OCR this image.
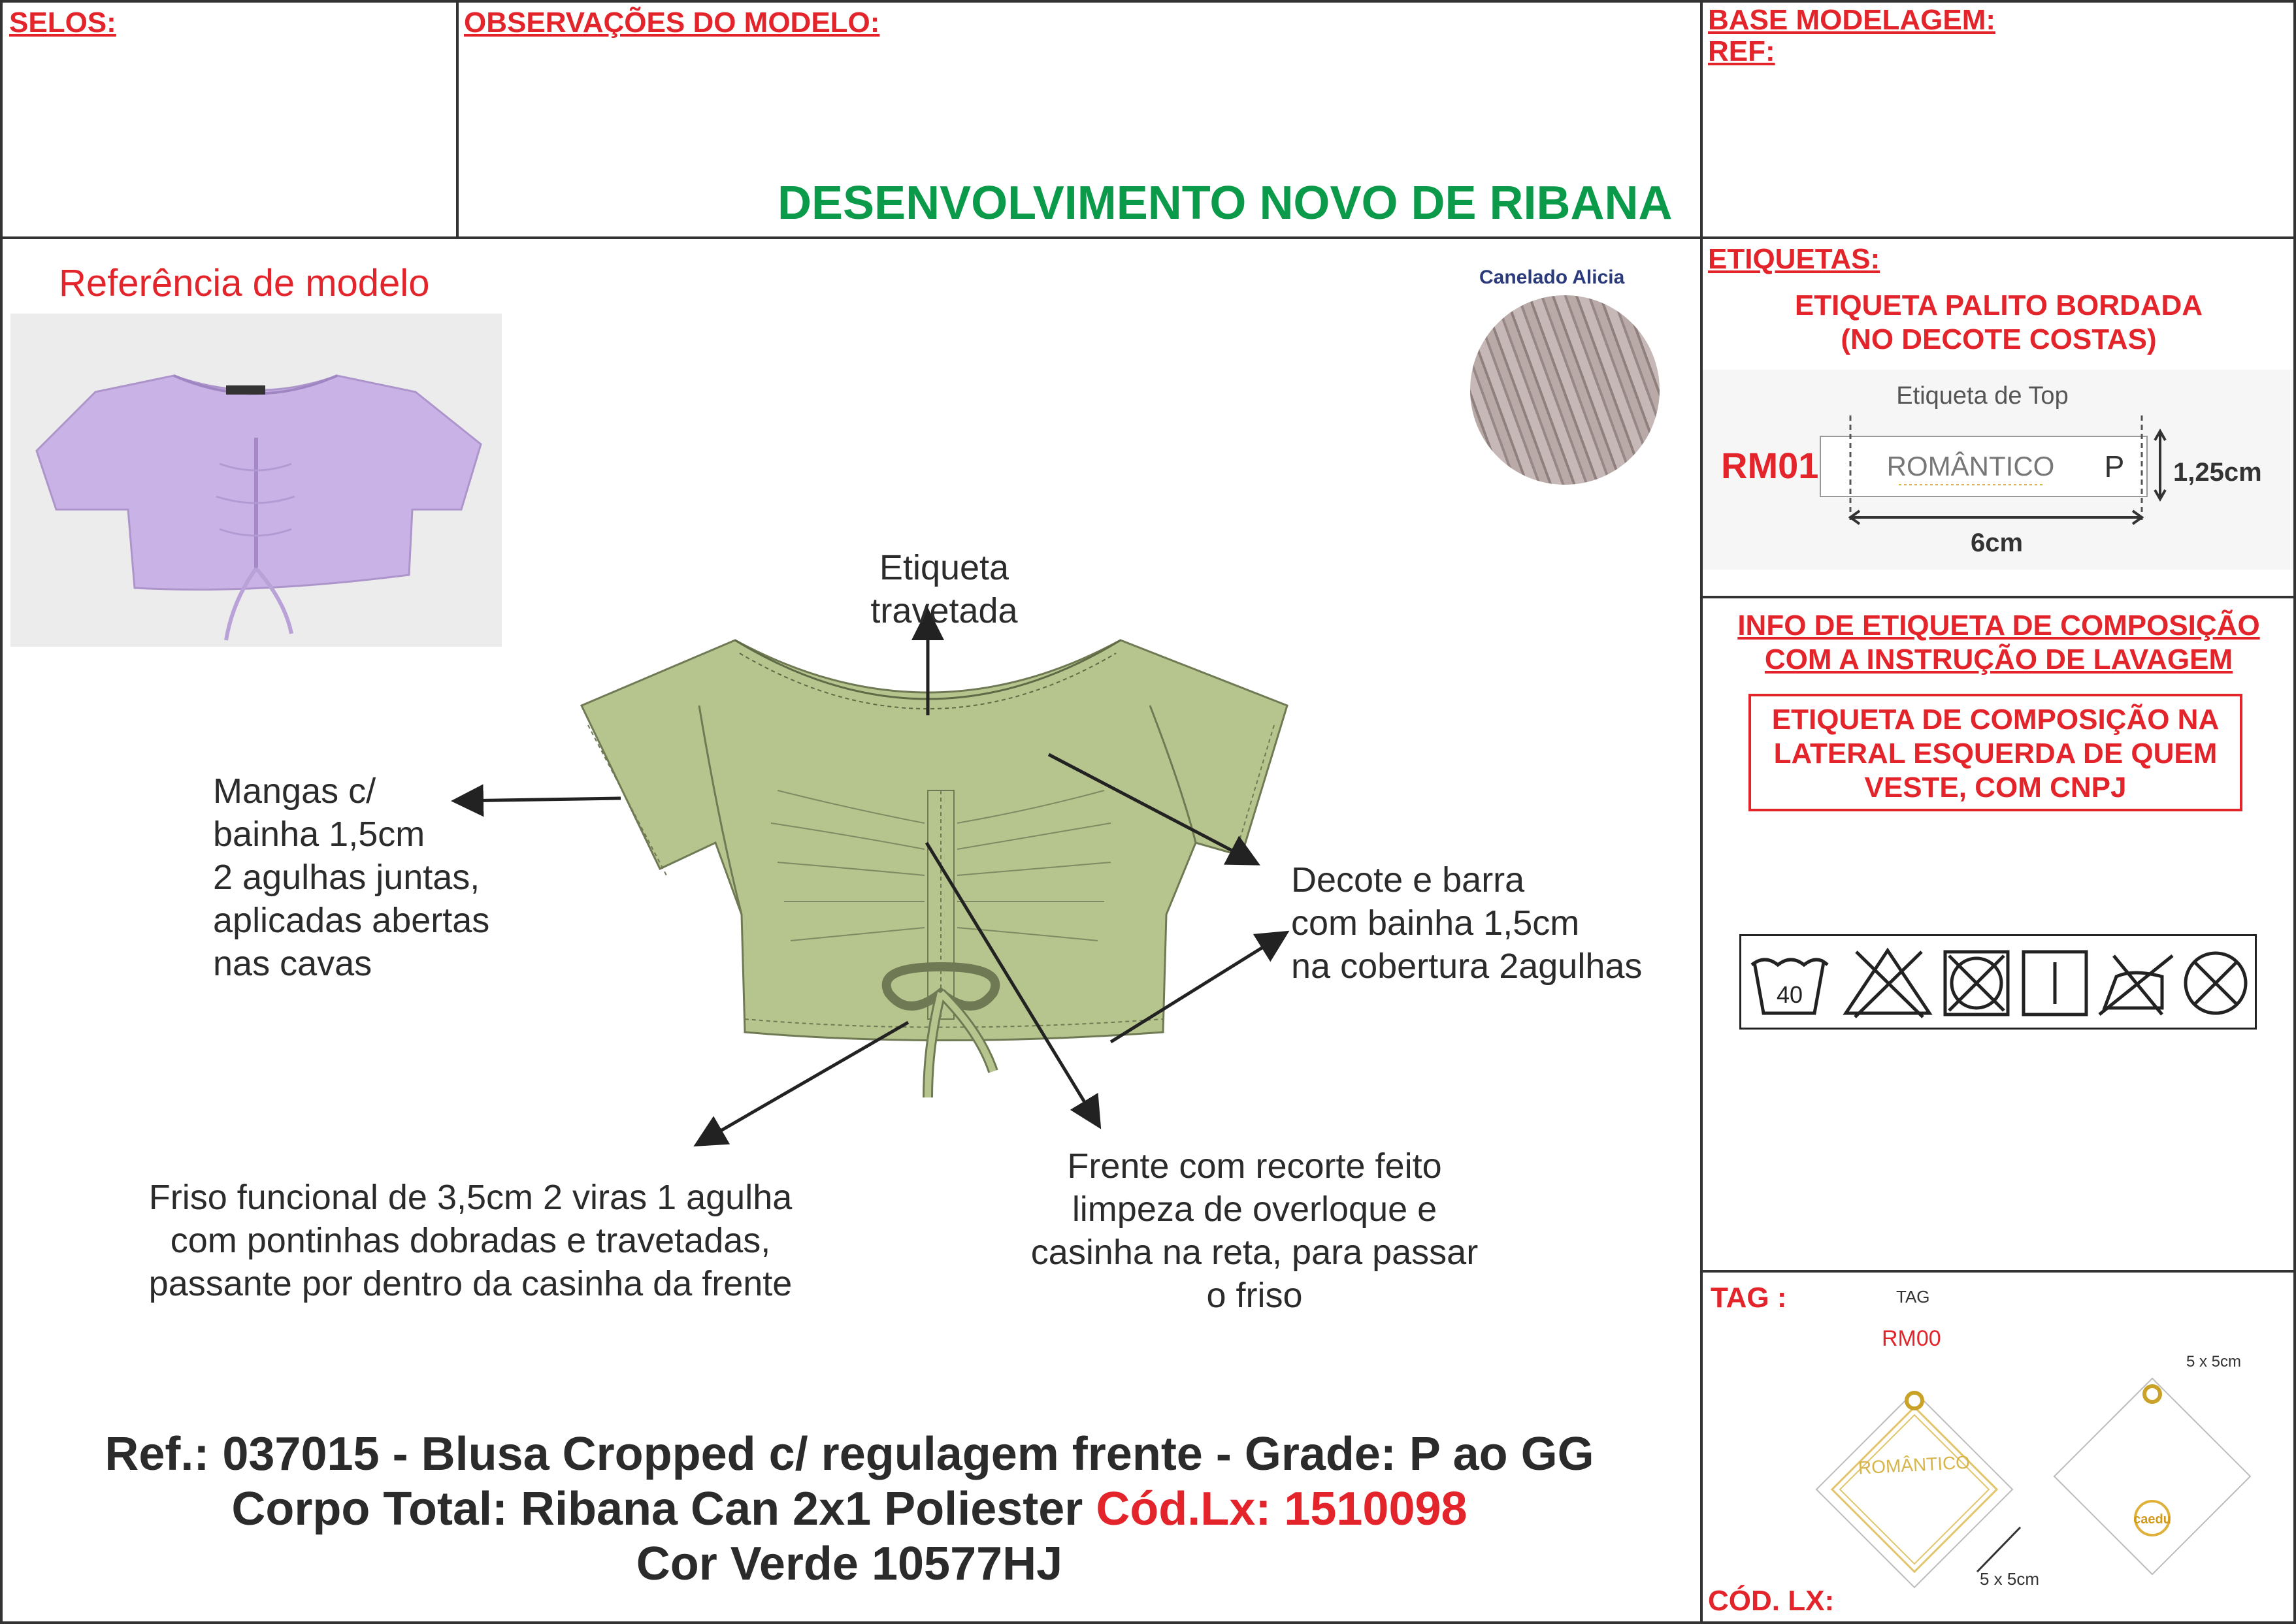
SELOS:	OBSERVAÇÕES DO MODELO:
DESENVOLVIMENTO NOVO DE RIBANA
BASE MODELAGEM:
REF:
Referência de modelo	Canelado Alicia
Etiqueta
travetada
Mangas c/
bainha 1,5cm
2 agulhas juntas,
aplicadas abertas
nas cavas
Decote e barra
com bainha 1,5cm
na cobertura 2agulhas
Friso funcional de 3,5cm 2 viras 1 agulha
com pontinhas dobradas e travetadas,
passante por dentro da casinha da frente
Frente com recorte feito
limpeza de overloque e
casinha na reta, para passar
o friso
Ref.: 037015 - Blusa Cropped c/ regulagem frente - Grade: P ao GG
Corpo Total: Ribana Can 2x1 Poliester Cód.Lx: 1510098
Cor Verde 10577HJ
ETIQUETAS:
ETIQUETA PALITO BORDADA
(NO DECOTE COSTAS)
Etiqueta de Top
RM01 ROMÂNTICO P 1,25cm
6cm
INFO DE ETIQUETA DE COMPOSIÇÃO
COM A INSTRUÇÃO DE LAVAGEM
ETIQUETA DE COMPOSIÇÃO NA
LATERAL ESQUERDA DE QUEM
VESTE, COM CNPJ
40
TAG :	TAG
RM00
ROMÂNTICO
5 x 5cm
caedu
5 x 5cm
CÓD. LX:
